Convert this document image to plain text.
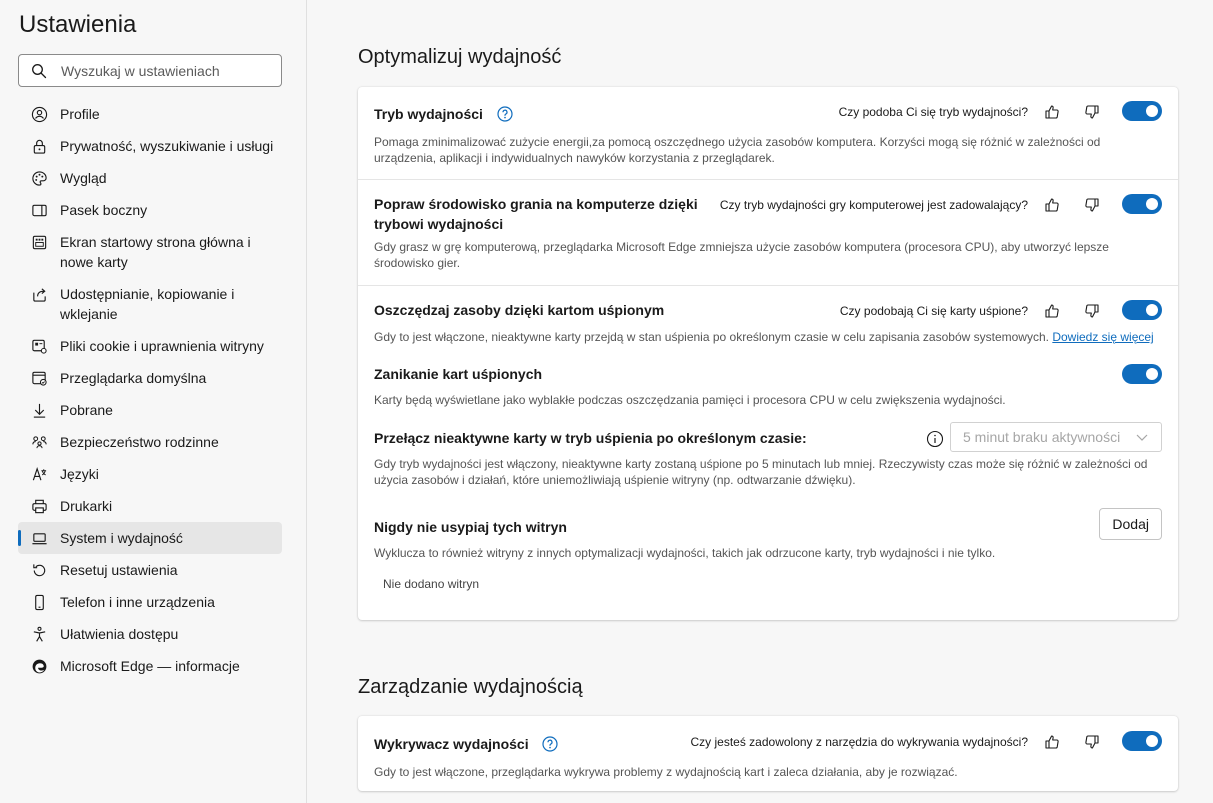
Ustawienia
Wyszukaj w ustawieniach
Profile
Prywatność, wyszukiwanie i usługi
Wygląd
Pasek boczny
Ekran startowy strona główna i nowe karty
Udostępnianie, kopiowanie i wklejanie
Pliki cookie i uprawnienia witryny
Przeglądarka domyślna
Pobrane
Bezpieczeństwo rodzinne
Języki
Drukarki
System i wydajność
Resetuj ustawienia
Telefon i inne urządzenia
Ułatwienia dostępu
Microsoft Edge — informacje
Optymalizuj wydajność
Tryb wydajności	Czy podoba Ci się tryb wydajności?
Pomaga zminimalizować zużycie energii,za pomocą oszczędnego użycia zasobów komputera. Korzyści mogą się różnić w zależności od urządzenia, aplikacji i indywidualnych nawyków korzystania z przeglądarek.
Popraw środowisko grania na komputerze dzięki trybowi wydajności
Czy tryb wydajności gry komputerowej jest zadowalający?
Gdy grasz w grę komputerową, przeglądarka Microsoft Edge zmniejsza użycie zasobów komputera (procesora CPU), aby utworzyć lepsze środowisko gier.
Oszczędzaj zasoby dzięki kartom uśpionym	Czy podobają Ci się karty uśpione?
Gdy to jest włączone, nieaktywne karty przejdą w stan uśpienia po określonym czasie w celu zapisania zasobów systemowych. Dowiedz się więcej
Zanikanie kart uśpionych
Karty będą wyświetlane jako wyblakłe podczas oszczędzania pamięci i procesora CPU w celu zwiększenia wydajności.
Przełącz nieaktywne karty w tryb uśpienia po określonym czasie:	5 minut braku aktywności
Gdy tryb wydajności jest włączony, nieaktywne karty zostaną uśpione po 5 minutach lub mniej. Rzeczywisty czas może się różnić w zależności od użycia zasobów i działań, które uniemożliwiają uśpienie witryny (np. odtwarzanie dźwięku).
Nigdy nie usypiaj tych witryn	Dodaj
Wyklucza to również witryny z innych optymalizacji wydajności, takich jak odrzucone karty, tryb wydajności i nie tylko.
Nie dodano witryn
Zarządzanie wydajnością
Wykrywacz wydajności	Czy jesteś zadowolony z narzędzia do wykrywania wydajności?
Gdy to jest włączone, przeglądarka wykrywa problemy z wydajnością kart i zaleca działania, aby je rozwiązać.
